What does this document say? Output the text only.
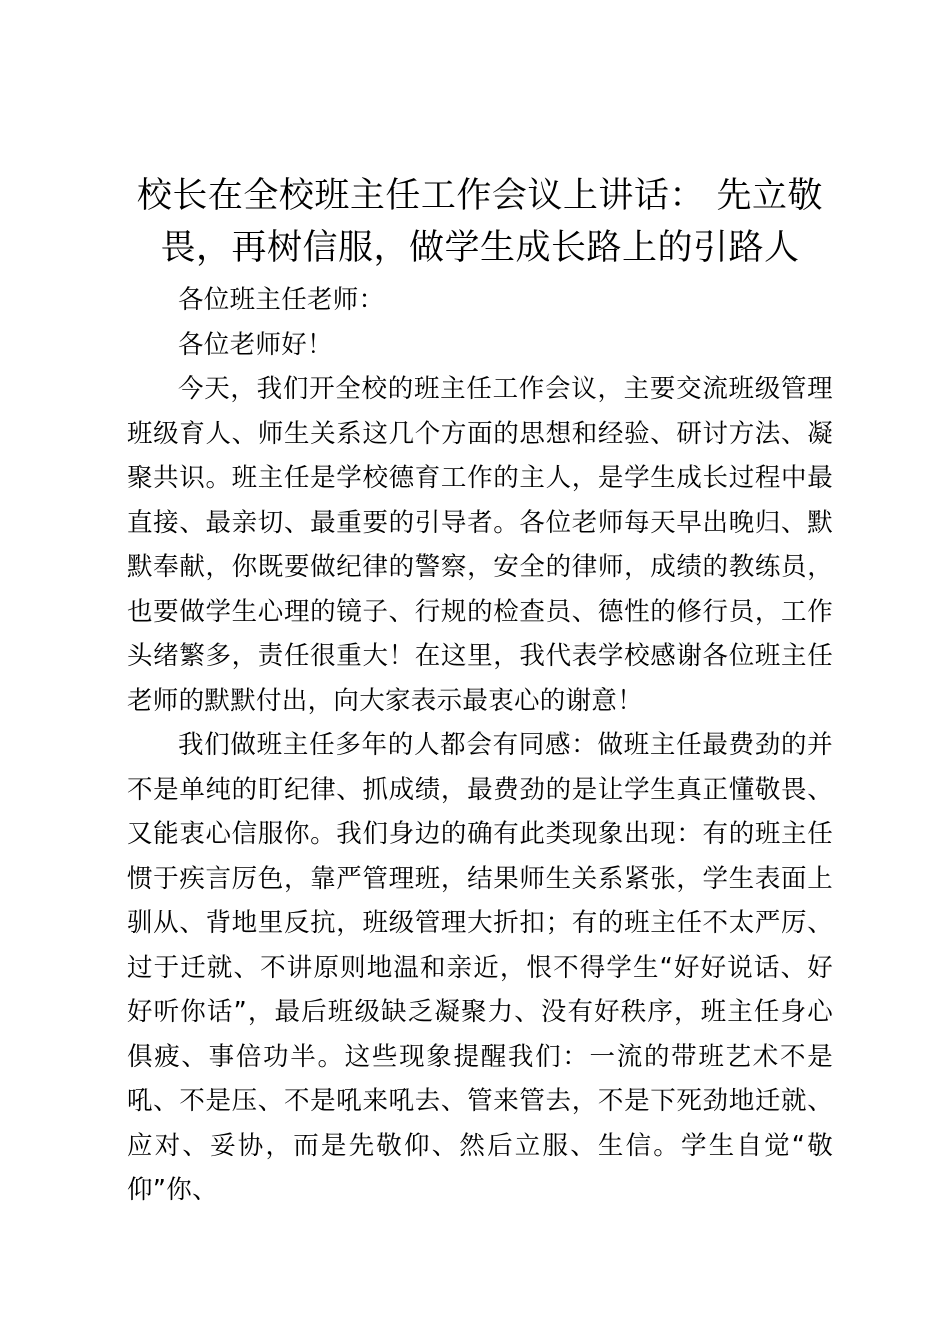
校长在全校班主任工作会议上讲话： 先立敬畏，再树信服，做学生成长路上的引路人

各位班主任老师：

各位老师好！

今天，我们开全校的班主任工作会议，主要交流班级管理班级育人、师生关系这几个方面的思想和经验、研讨方法、凝聚共识。班主任是学校德育工作的主人，是学生成长过程中最直接、最亲切、最重要的引导者。各位老师每天早出晚归、默默奉献，你既要做纪律的警察，安全的律师，成绩的教练员，也要做学生心理的镜子、行规的检查员、德性的修行员，工作头绪繁多，责任很重大！在这里，我代表学校感谢各位班主任老师的默默付出，向大家表示最衷心的谢意！

我们做班主任多年的人都会有同感：做班主任最费劲的并不是单纯的盯纪律、抓成绩，最费劲的是让学生真正懂敬畏、又能衷心信服你。我们身边的确有此类现象出现：有的班主任惯于疾言厉色，靠严管理班，结果师生关系紧张，学生表面上驯从、背地里反抗，班级管理大折扣；有的班主任不太严厉、过于迁就、不讲原则地温和亲近，恨不得学生“好好说话、好好听你话”，最后班级缺乏凝聚力、没有好秩序，班主任身心俱疲、事倍功半。这些现象提醒我们：一流的带班艺术不是吼、不是压、不是吼来吼去、管来管去，不是下死劲地迁就、应对、妥协，而是先敬仰、然后立服、生信。学生自觉“敬仰”你、
